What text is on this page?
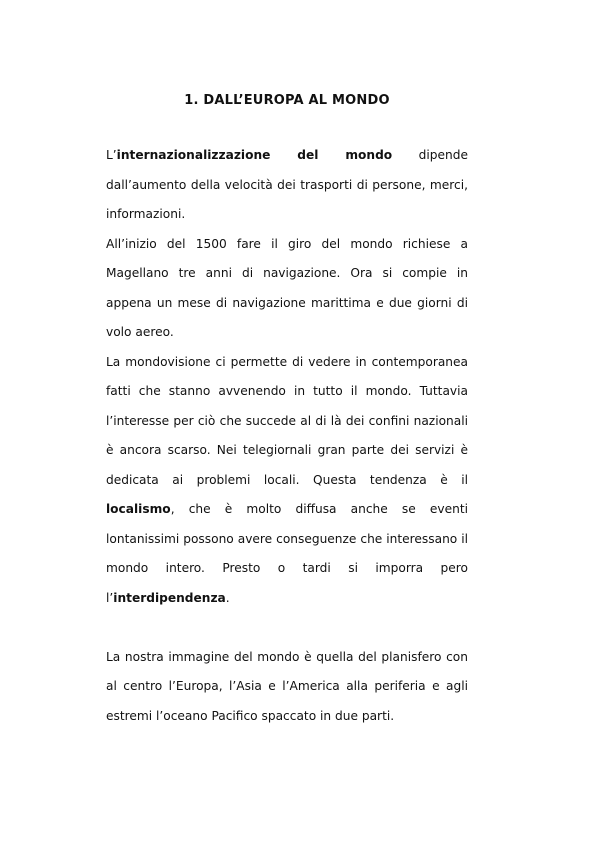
1. DALL’EUROPA AL MONDO

L’internazionalizzazione del mondo dipende dall’aumento della velocità dei trasporti di persone, merci, informazioni.

All’inizio del 1500 fare il giro del mondo richiese a Magellano tre anni di navigazione. Ora si compie in appena un mese di navigazione marittima e due giorni di volo aereo.

La mondovisione ci permette di vedere in contemporanea fatti che stanno avvenendo in tutto il mondo. Tuttavia l’interesse per ciò che succede al di là dei confini nazionali è ancora scarso. Nei telegiornali gran parte dei servizi è dedicata ai problemi locali. Questa tendenza è il localismo, che è molto diffusa anche se eventi lontanissimi possono avere conseguenze che interessano il mondo intero. Presto o tardi si imporra pero l’interdipendenza.

La nostra immagine del mondo è quella del planisfero con al centro l’Europa, l’Asia e l’America alla periferia e agli estremi l’oceano Pacifico spaccato in due parti.
